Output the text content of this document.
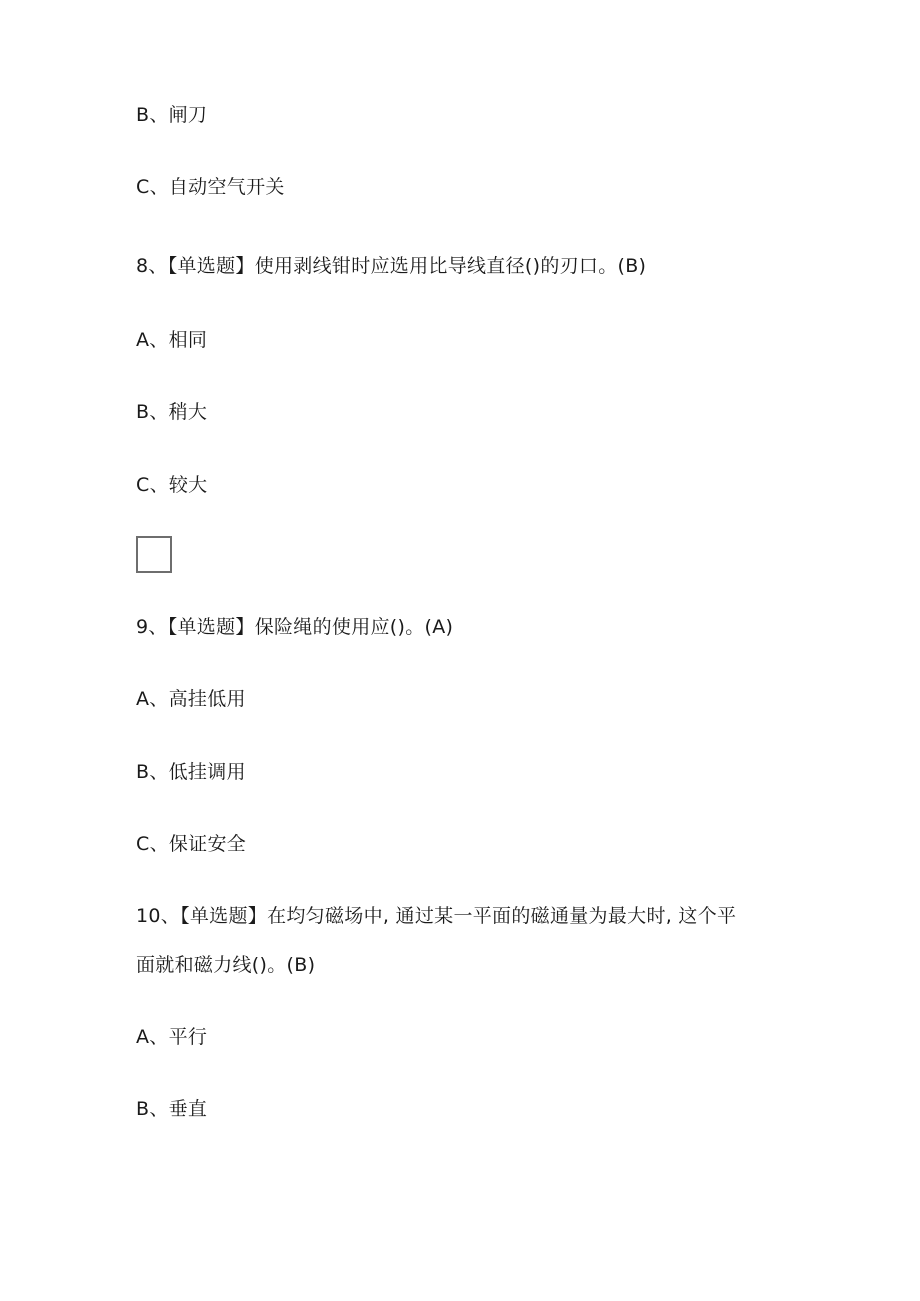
B、闸刀
C、自动空气开关
8、【单选题】使用剥线钳时应选用比导线直径()的刃口。(B)
A、相同
B、稍大
C、较大
9、【单选题】保险绳的使用应()。(A)
A、高挂低用
B、低挂调用
C、保证安全
10、【单选题】在均匀磁场中, 通过某一平面的磁通量为最大时, 这个平
面就和磁力线()。(B)
A、平行
B、垂直
